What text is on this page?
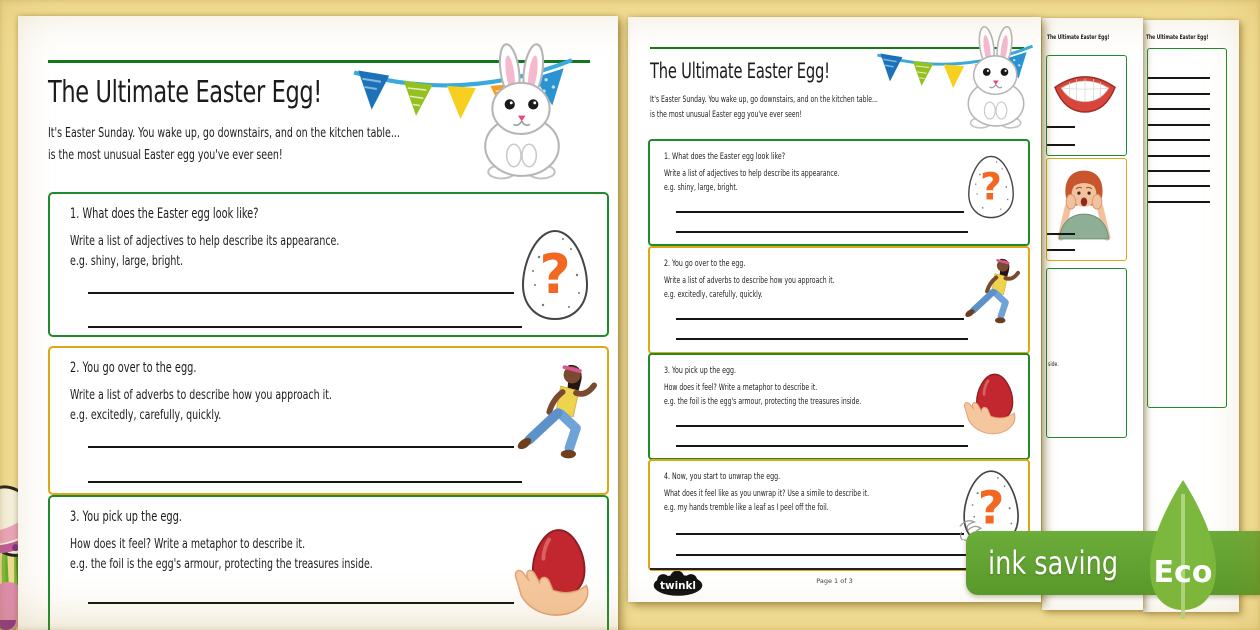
The Ultimate Easter Egg!
It's Easter Sunday. You wake up, go downstairs, and on the kitchen table...
is the most unusual Easter egg you've ever seen!
1. What does the Easter egg look like?
Write a list of adjectives to help describe its appearance.
e.g. shiny, large, bright.
2. You go over to the egg.
Write a list of adverbs to describe how you approach it.
e.g. excitedly, carefully, quickly.
3. You pick up the egg.
How does it feel? Write a metaphor to describe it.
e.g. the foil is the egg's armour, protecting the treasures inside.
The Ultimate Easter Egg!
The Ultimate Easter Egg!
side.
The Ultimate Easter Egg!
It's Easter Sunday. You wake up, go downstairs, and on the kitchen table...
is the most unusual Easter egg you've ever seen!
1. What does the Easter egg look like?
Write a list of adjectives to help describe its appearance.
e.g. shiny, large, bright.
2. You go over to the egg.
Write a list of adverbs to describe how you approach it.
e.g. excitedly, carefully, quickly.
3. You pick up the egg.
How does it feel? Write a metaphor to describe it.
e.g. the foil is the egg's armour, protecting the treasures inside.
4. Now, you start to unwrap the egg.
What does it feel like as you unwrap it? Use a simile to describe it.
e.g. my hands tremble like a leaf as I peel off the foil.
Page 1 of 3	ink saving Eco
